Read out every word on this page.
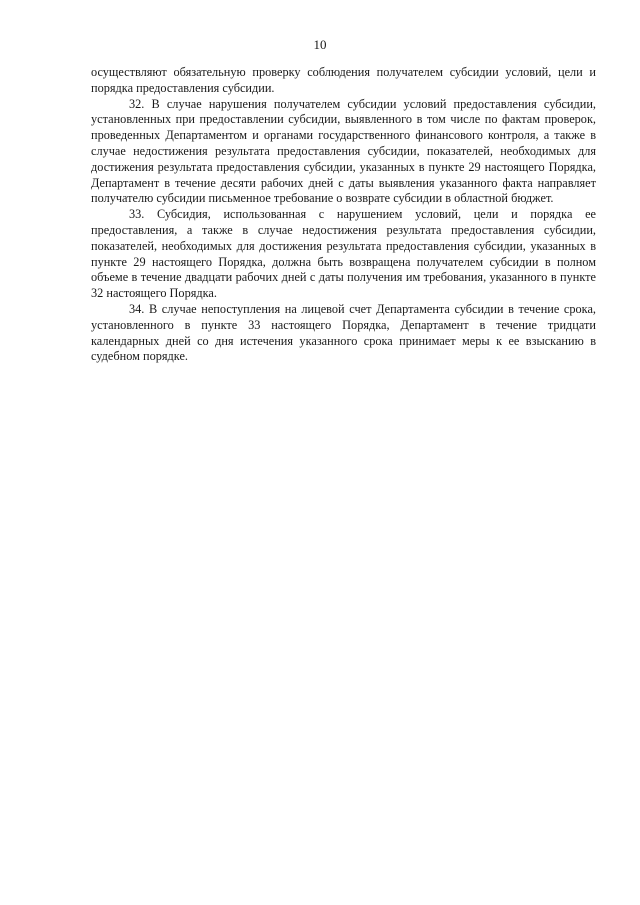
10

осуществляют обязательную проверку соблюдения получателем субсидии условий, цели и порядка предоставления субсидии.

32. В случае нарушения получателем субсидии условий предоставления субсидии, установленных при предоставлении субсидии, выявленного в том числе по фактам проверок, проведенных Департаментом и органами государственного финансового контроля, а также в случае недостижения результата предоставления субсидии, показателей, необходимых для достижения результата предоставления субсидии, указанных в пункте 29 настоящего Порядка, Департамент в течение десяти рабочих дней с даты выявления указанного факта направляет получателю субсидии письменное требование о возврате субсидии в областной бюджет.

33. Субсидия, использованная с нарушением условий, цели и порядка ее предоставления, а также в случае недостижения результата предоставления субсидии, показателей, необходимых для достижения результата предоставления субсидии, указанных в пункте 29 настоящего Порядка, должна быть возвращена получателем субсидии в полном объеме в течение двадцати рабочих дней с даты получения им требования, указанного в пункте 32 настоящего Порядка.

34. В случае непоступления на лицевой счет Департамента субсидии в течение срока, установленного в пункте 33 настоящего Порядка, Департамент в течение тридцати календарных дней со дня истечения указанного срока принимает меры к ее взысканию в судебном порядке.
